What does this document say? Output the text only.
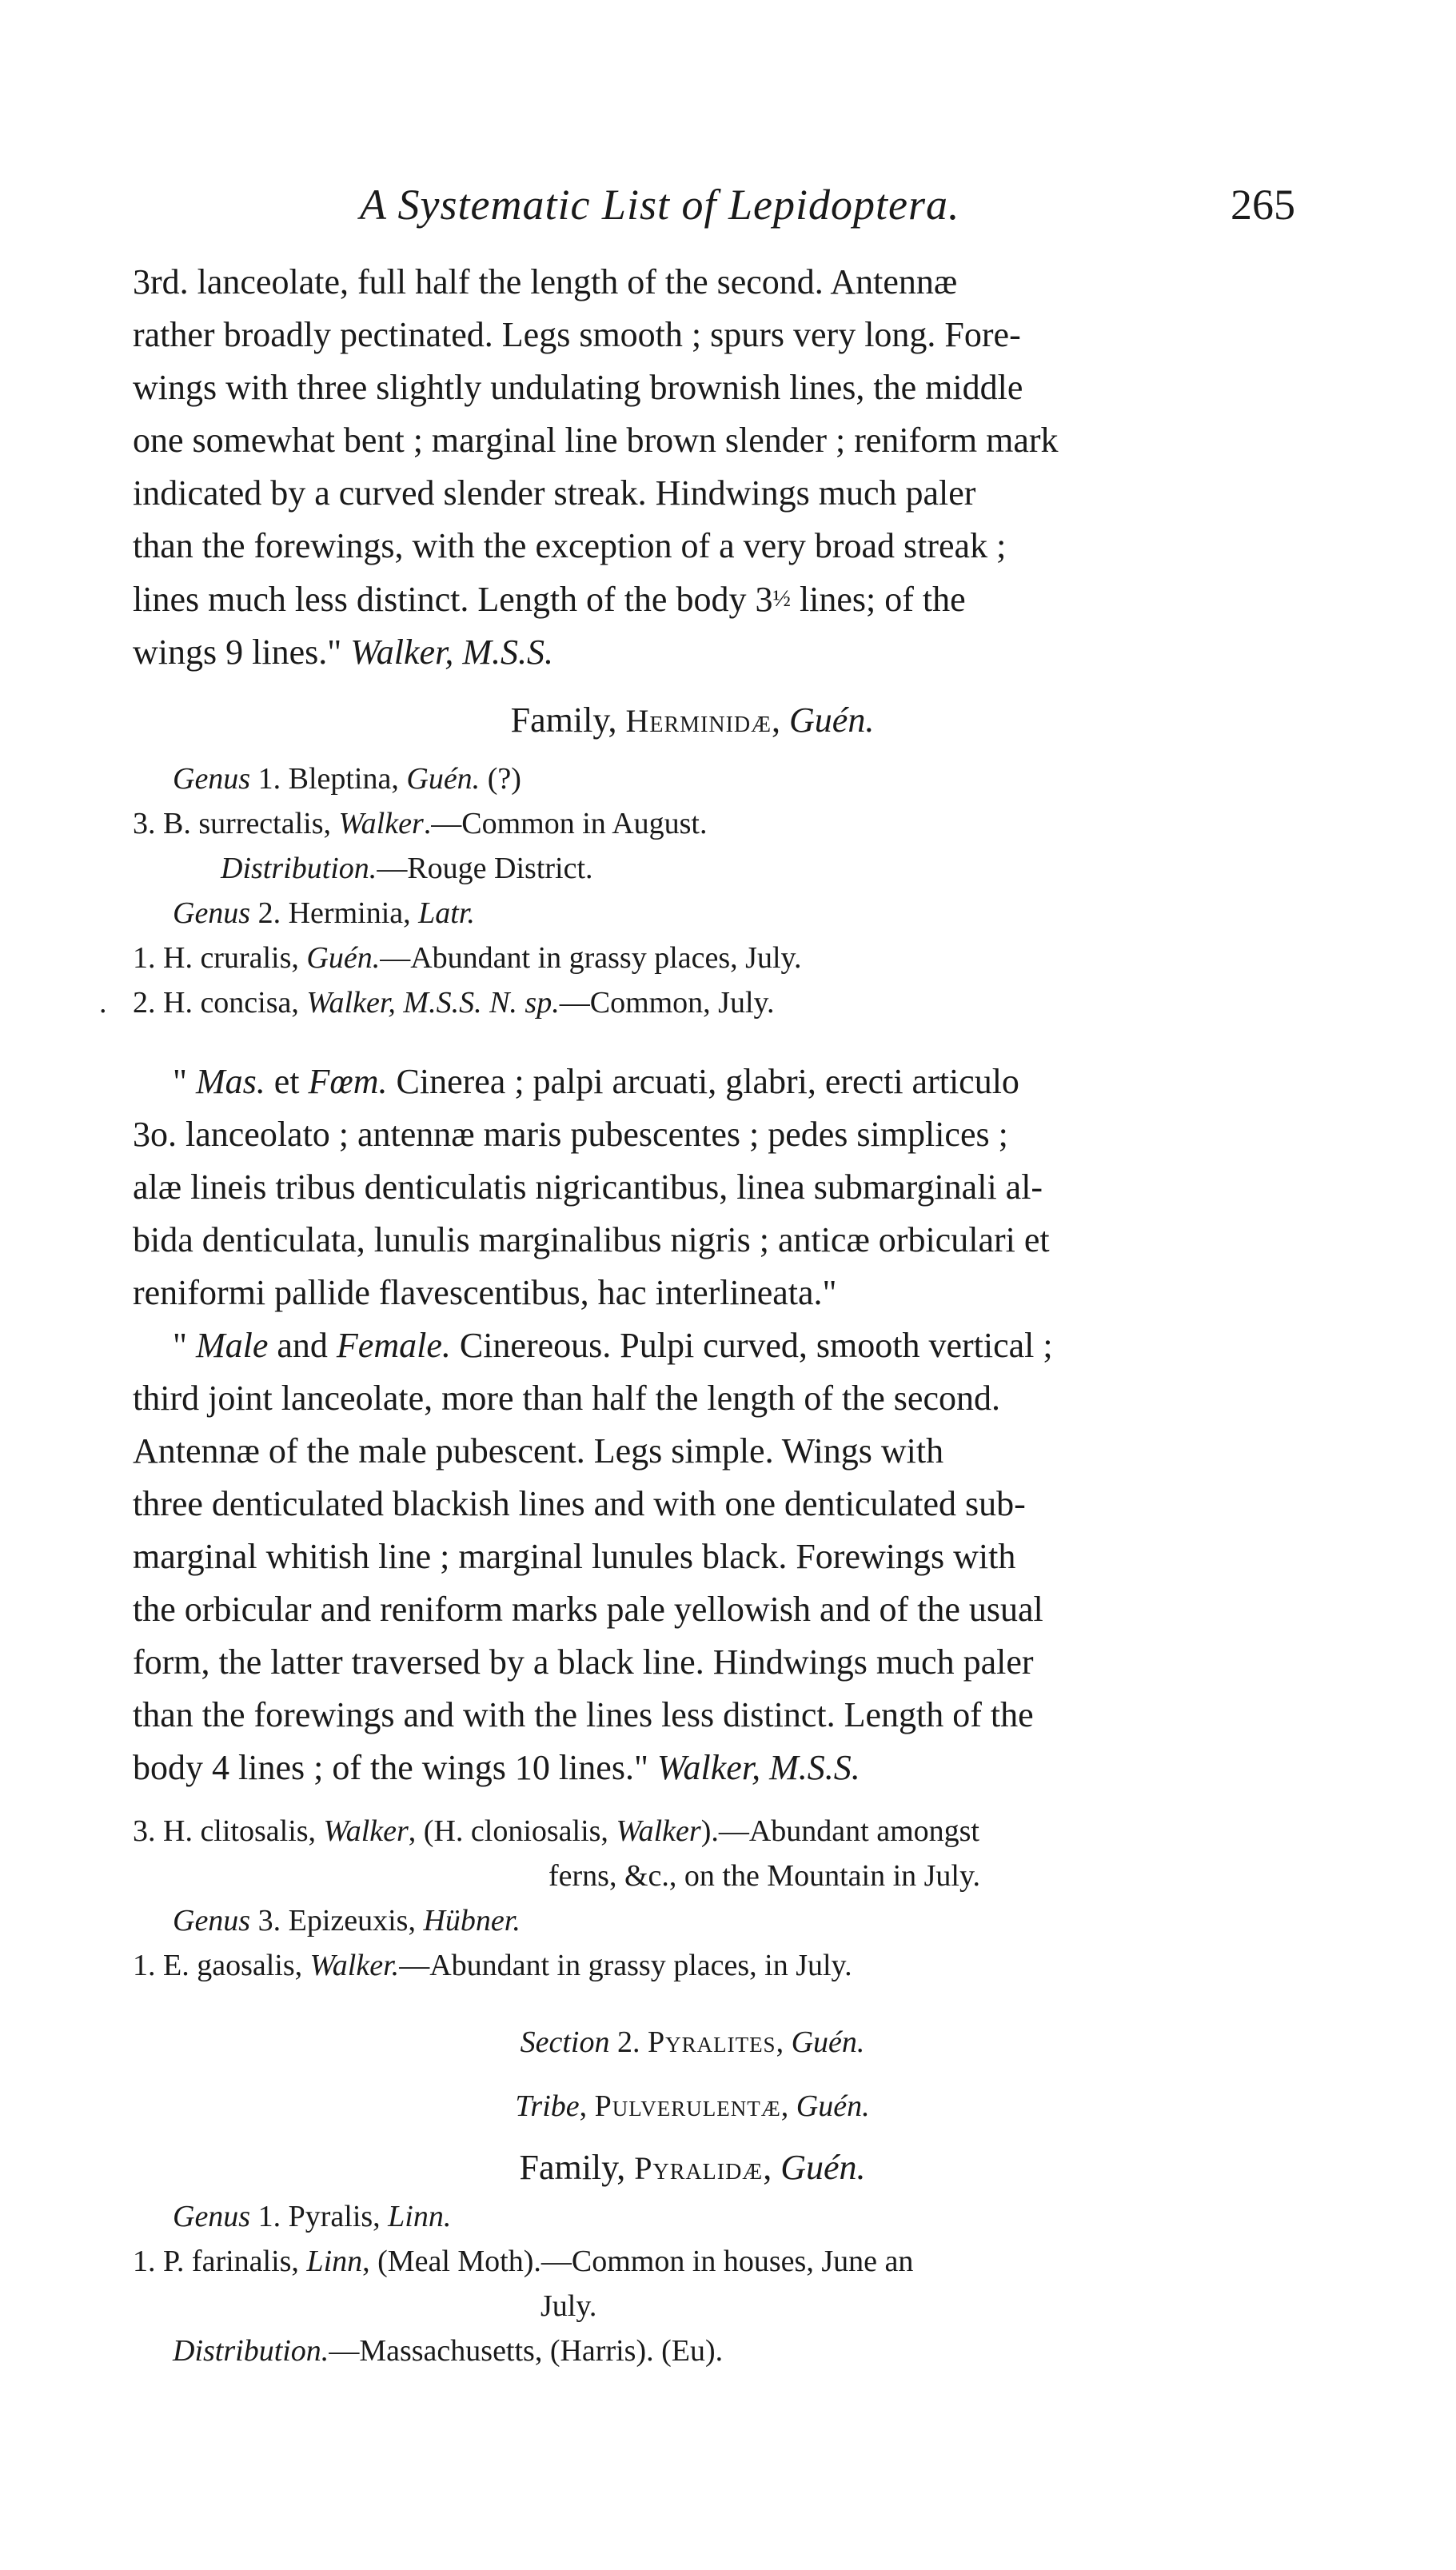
A Systematic List of Lepidoptera.	265

3rd. lanceolate, full half the length of the second. Antennæ

rather broadly pectinated. Legs smooth ; spurs very long. Fore-

wings with three slightly undulating brownish lines, the middle

one somewhat bent ; marginal line brown slender ; reniform mark

indicated by a curved slender streak. Hindwings much paler

than the forewings, with the exception of a very broad streak ;

lines much less distinct. Length of the body 3½ lines; of the

wings 9 lines." Walker, M.S.S.

Family, Herminidæ, Guén.

Genus 1. Bleptina, Guén. (?)

3. B. surrectalis, Walker.—Common in August.

Distribution.—Rouge District.

Genus 2. Herminia, Latr.

1. H. cruralis, Guén.—Abundant in grassy places, July.

. 2. H. concisa, Walker, M.S.S. N. sp.—Common, July.

" Mas. et Fœm. Cinerea ; palpi arcuati, glabri, erecti articulo

3o. lanceolato ; antennæ maris pubescentes ; pedes simplices ;

alæ lineis tribus denticulatis nigricantibus, linea submarginali al-

bida denticulata, lunulis marginalibus nigris ; anticæ orbiculari et

reniformi pallide flavescentibus, hac interlineata."

" Male and Female. Cinereous. Pulpi curved, smooth vertical ;

third joint lanceolate, more than half the length of the second.

Antennæ of the male pubescent. Legs simple. Wings with

three denticulated blackish lines and with one denticulated sub-

marginal whitish line ; marginal lunules black. Forewings with

the orbicular and reniform marks pale yellowish and of the usual

form, the latter traversed by a black line. Hindwings much paler

than the forewings and with the lines less distinct. Length of the

body 4 lines ; of the wings 10 lines." Walker, M.S.S.

3. H. clitosalis, Walker, (H. cloniosalis, Walker).—Abundant amongst

ferns, &c., on the Mountain in July.

Genus 3. Epizeuxis, Hübner.

1. E. gaosalis, Walker.—Abundant in grassy places, in July.

Section 2. Pyralites, Guén.

Tribe, Pulverulentæ, Guén.

Family, Pyralidæ, Guén.

Genus 1. Pyralis, Linn.

1. P. farinalis, Linn, (Meal Moth).—Common in houses, June an

July.

Distribution.—Massachusetts, (Harris). (Eu).
